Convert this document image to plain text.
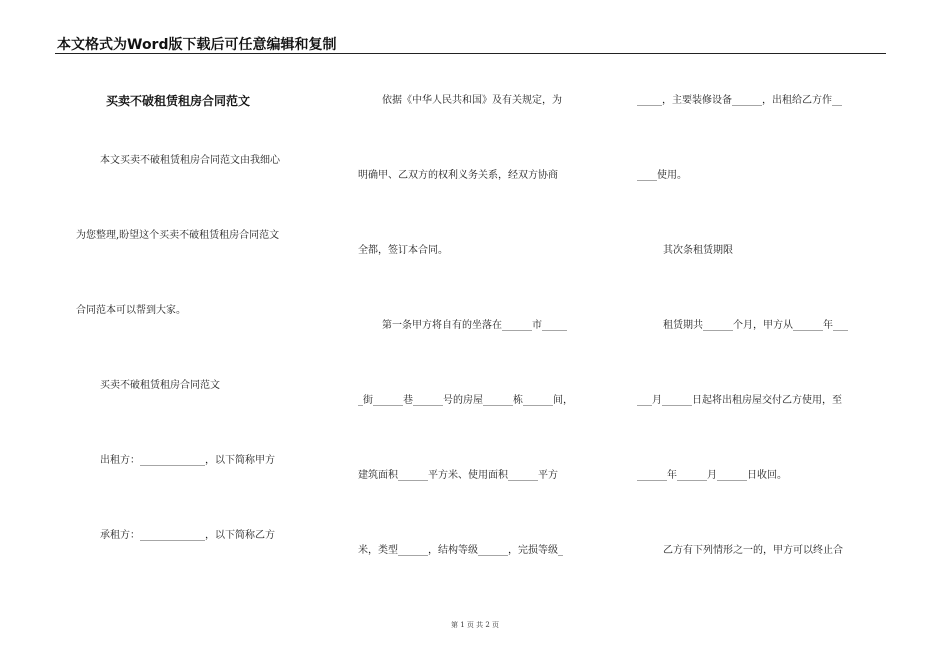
本文格式为Word版下载后可任意编辑和复制
买卖不破租赁租房合同范文
本文买卖不破租赁租房合同范文由我细心
为您整理,盼望这个买卖不破租赁租房合同范文
合同范本可以帮到大家。
买卖不破租赁租房合同范文
出租方：_____________，以下简称甲方
承租方：_____________，以下简称乙方
依据《中华人民共和国》及有关规定，为
明确甲、乙双方的权利义务关系，经双方协商
全都，签订本合同。
第一条甲方将自有的坐落在______市_____
_街______巷______号的房屋______栋______间，
建筑面积______平方米、使用面积______平方
米，类型______，结构等级______，完损等级_
_____，主要装修设备______，出租给乙方作__
____使用。
其次条租赁期限
租赁期共______个月，甲方从______年___
___月______日起将出租房屋交付乙方使用，至
______年______月______日收回。
乙方有下列情形之一的，甲方可以终止合
第 1 页 共 2 页
